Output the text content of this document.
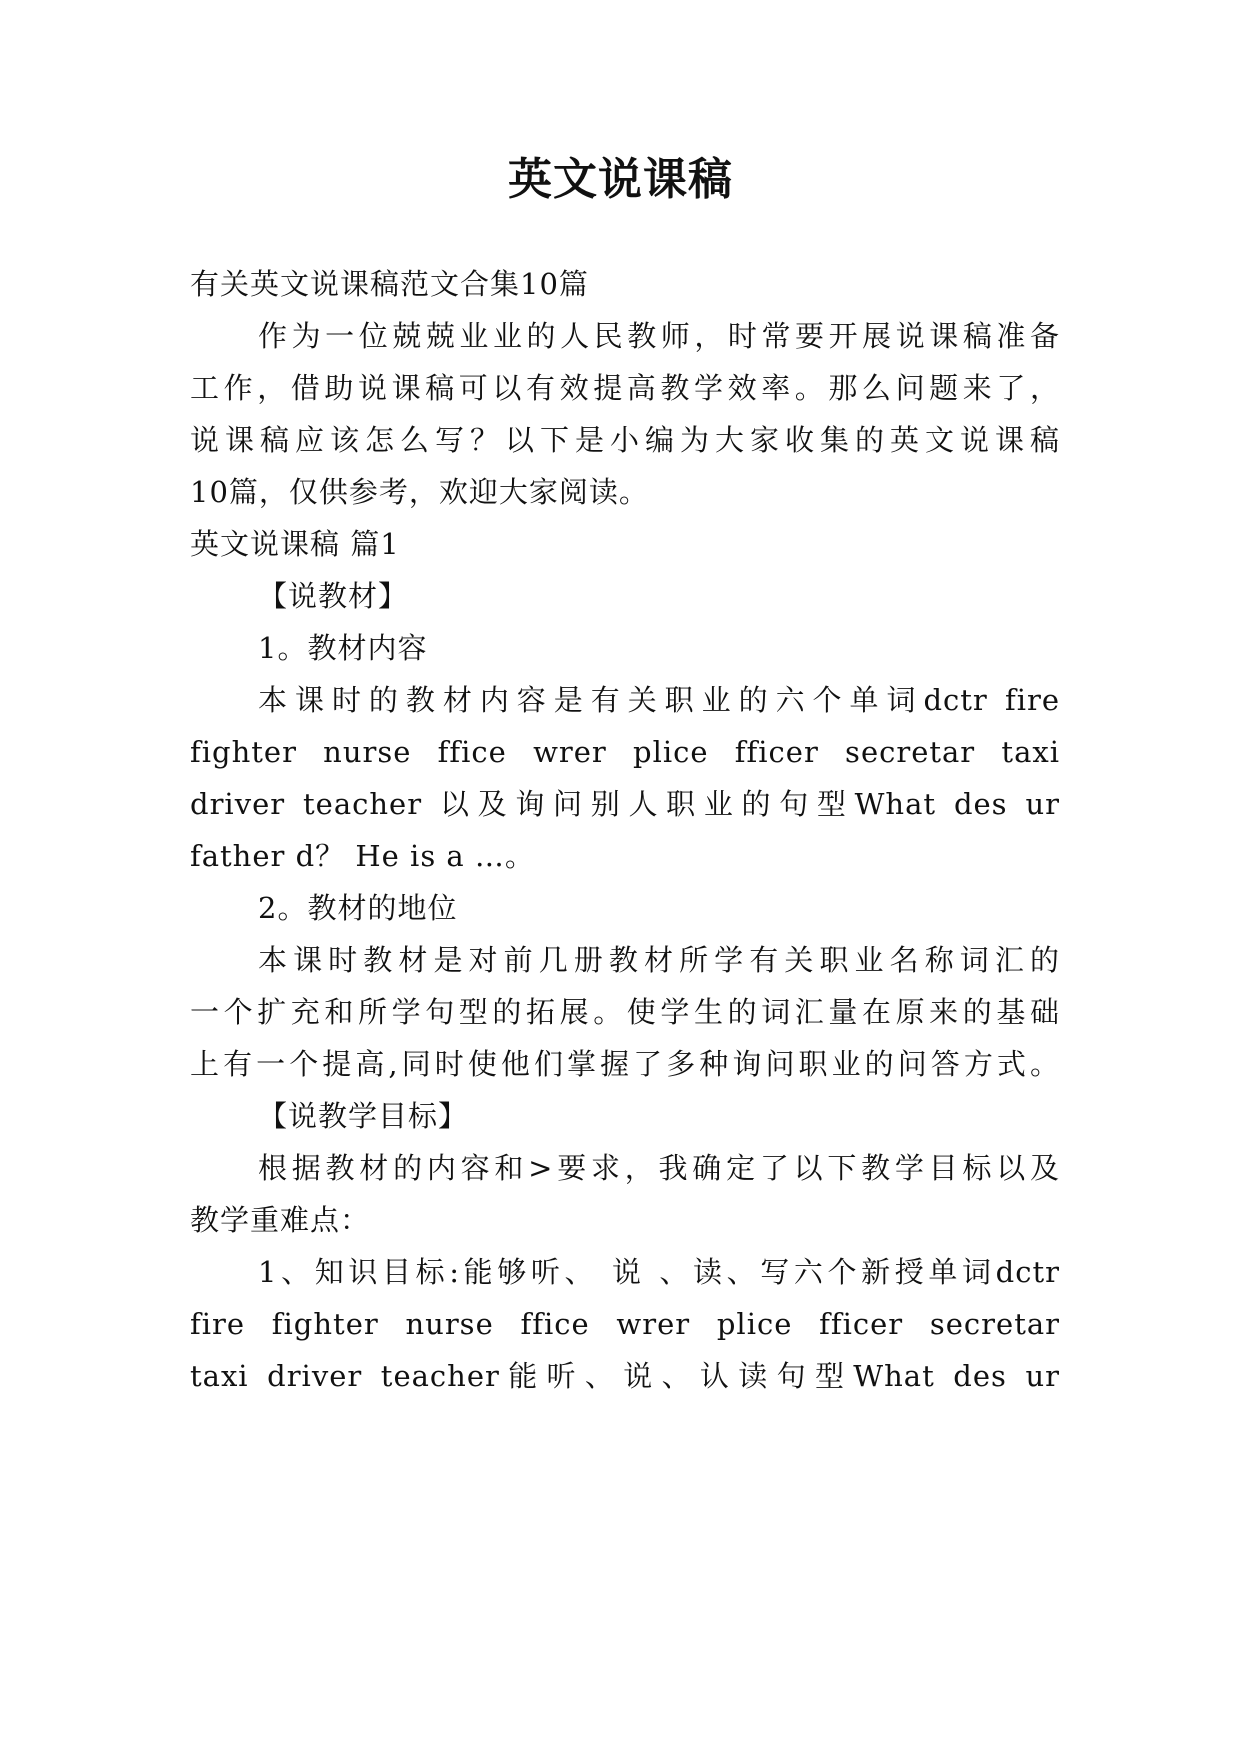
英文说课稿
有关英文说课稿范文合集10篇
作为一位兢兢业业的人民教师，时常要开展说课稿准备
工作，借助说课稿可以有效提高教学效率。那么问题来了，
说课稿应该怎么写？以下是小编为大家收集的英文说课稿
10篇，仅供参考，欢迎大家阅读。
英文说课稿 篇1
【说教材】
1。教材内容
本课时的教材内容是有关职业的六个单词dctr fire
fighter nurse ffice wrer plice fficer secretar taxi
driver teacher 以及询问别人职业的句型What des ur
father d？ He is a …。
2。教材的地位
本课时教材是对前几册教材所学有关职业名称词汇的
一个扩充和所学句型的拓展。使学生的词汇量在原来的基础
上有一个提高,同时使他们掌握了多种询问职业的问答方式。
【说教学目标】
根据教材的内容和>要求，我确定了以下教学目标以及
教学重难点：
1、知识目标:能够听、 说 、读、写六个新授单词dctr
fire fighter nurse ffice wrer plice fficer secretar
taxi driver teacher能听、说、认读句型What des ur
